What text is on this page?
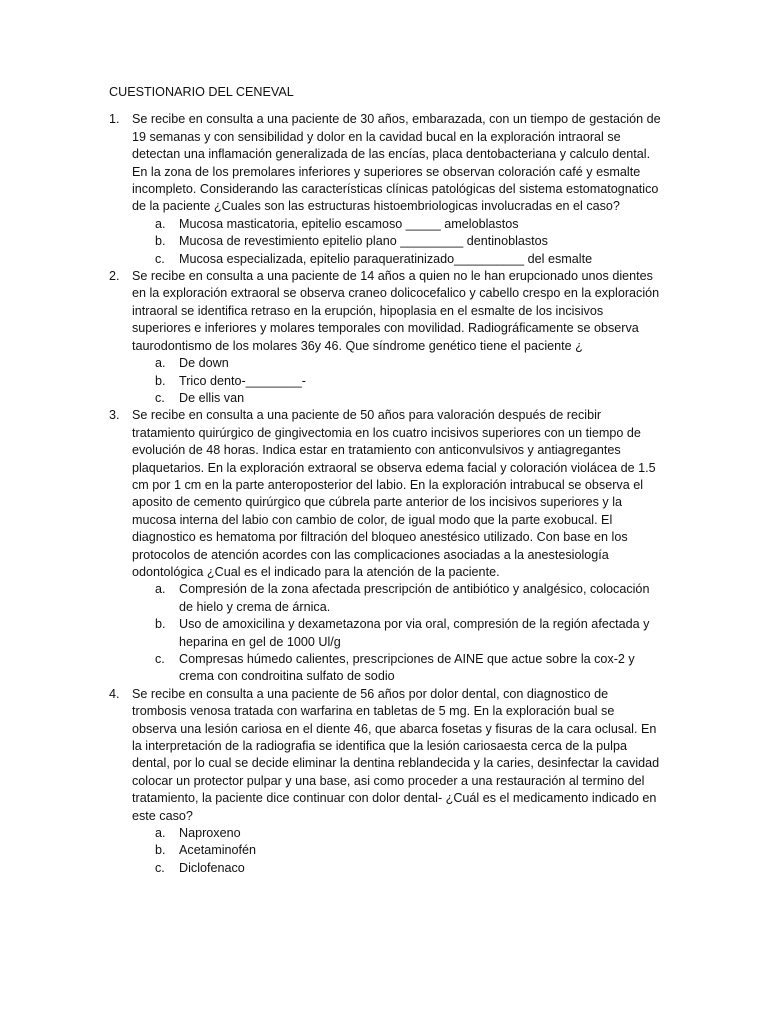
CUESTIONARIO DEL CENEVAL

1. Se recibe en consulta a una paciente de 30 años, embarazada, con un tiempo de gestación de 19 semanas y con sensibilidad y dolor en la cavidad bucal en la exploración intraoral se detectan una inflamación generalizada de las encías, placa dentobacteriana y calculo dental. En la zona de los premolares inferiores y superiores se observan coloración café y esmalte incompleto. Considerando las características clínicas patológicas del sistema estomatognatico de la paciente ¿Cuales son las estructuras histoembriologicas involucradas en el caso?

a. Mucosa masticatoria, epitelio escamoso _____ ameloblastos
b. Mucosa de revestimiento epitelio plano _________ dentinoblastos
c. Mucosa especializada, epitelio paraqueratinizado__________ del esmalte
2. Se recibe en consulta a una paciente de 14 años a quien no le han erupcionado unos dientes en la exploración extraoral se observa craneo dolicocefalico y cabello crespo en la exploración intraoral se identifica retraso en la erupción, hipoplasia en el esmalte de los incisivos superiores e inferiores y molares temporales con movilidad. Radiográficamente se observa taurodontismo de los molares 36y 46. Que síndrome genético tiene el paciente ¿

a. De down
b. Trico dento-________-
c. De ellis van
3. Se recibe en consulta a una paciente de 50 años para valoración después de recibir tratamiento quirúrgico de gingivectomia en los cuatro incisivos superiores con un tiempo de evolución de 48 horas. Indica estar en tratamiento con anticonvulsivos y antiagregantes plaquetarios. En la exploración extraoral se observa edema facial y coloración violácea de 1.5 cm por 1 cm en la parte anteroposterior del labio. En la exploración intrabucal se observa el aposito de cemento quirúrgico que cúbrela parte anterior de los incisivos superiores y la mucosa interna del labio con cambio de color, de igual modo que la parte exobucal. El diagnostico es hematoma por filtración del bloqueo anestésico utilizado. Con base en los protocolos de atención acordes con las complicaciones asociadas a la anestesiología odontológica ¿Cual es el indicado para la atención de la paciente.

a. Compresión de la zona afectada prescripción de antibiótico y analgésico, colocación de hielo y crema de árnica.
b. Uso de amoxicilina y dexametazona por via oral, compresión de la región afectada y heparina en gel de 1000 Ul/g
c. Compresas húmedo calientes, prescripciones de AINE que actue sobre la cox-2 y crema con condroitina sulfato de sodio
4. Se recibe en consulta a una paciente de 56 años por dolor dental, con diagnostico de trombosis venosa tratada con warfarina en tabletas de 5 mg. En la exploración bual se observa una lesión cariosa en el diente 46, que abarca fosetas y fisuras de la cara oclusal. En la interpretación de la radiografia se identifica que la lesión cariosaesta cerca de la pulpa dental, por lo cual se decide eliminar la dentina reblandecida y la caries, desinfectar la cavidad colocar un protector pulpar y una base, asi como proceder a una restauración al termino del tratamiento, la paciente dice continuar con dolor dental- ¿Cuál es el medicamento indicado en este caso?

a. Naproxeno
b. Acetaminofén
c. Diclofenaco
